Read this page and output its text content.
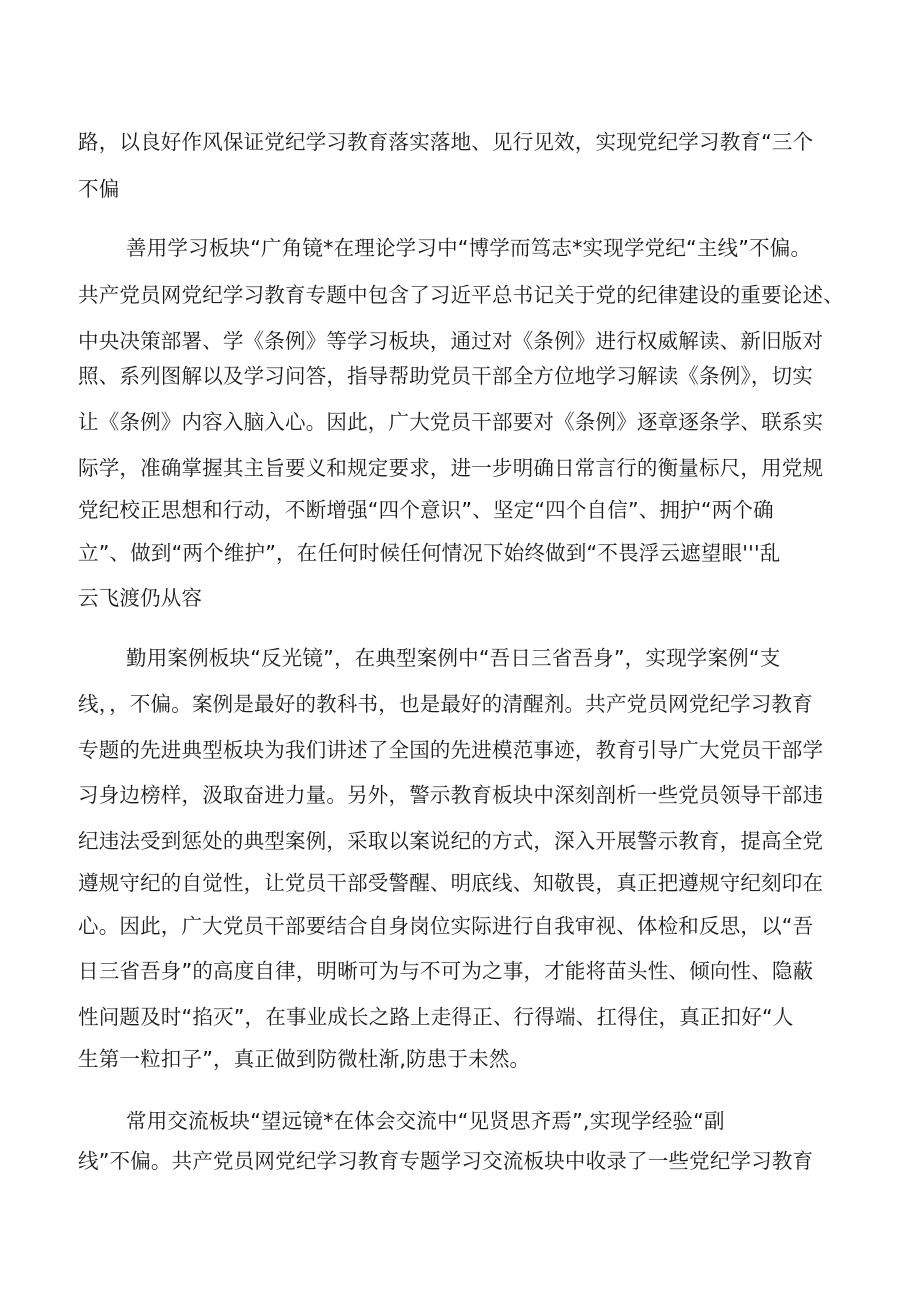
路，以良好作风保证党纪学习教育落实落地、见行见效，实现党纪学习教育“三个
不偏
善用学习板块“广角镜*在理论学习中“博学而笃志*实现学党纪“主线”不偏。
共产党员网党纪学习教育专题中包含了习近平总书记关于党的纪律建设的重要论述、
中央决策部署、学《条例》等学习板块，通过对《条例》进行权威解读、新旧版对
照、系列图解以及学习问答，指导帮助党员干部全方位地学习解读《条例》，切实
让《条例》内容入脑入心。因此，广大党员干部要对《条例》逐章逐条学、联系实
际学，准确掌握其主旨要义和规定要求，进一步明确日常言行的衡量标尺，用党规
党纪校正思想和行动，不断增强“四个意识”、坚定“四个自信”、拥护“两个确
立”、做到“两个维护”，在任何时候任何情况下始终做到“不畏浮云遮望眼'''乱
云飞渡仍从容
勤用案例板块“反光镜”，在典型案例中“吾日三省吾身”，实现学案例“支
线，，不偏。案例是最好的教科书，也是最好的清醒剂。共产党员网党纪学习教育
专题的先进典型板块为我们讲述了全国的先进模范事迹，教育引导广大党员干部学
习身边榜样，汲取奋进力量。另外，警示教育板块中深刻剖析一些党员领导干部违
纪违法受到惩处的典型案例，采取以案说纪的方式，深入开展警示教育，提高全党
遵规守纪的自觉性，让党员干部受警醒、明底线、知敬畏，真正把遵规守纪刻印在
心。因此，广大党员干部要结合自身岗位实际进行自我审视、体检和反思，以“吾
日三省吾身”的高度自律，明晰可为与不可为之事，才能将苗头性、倾向性、隐蔽
性问题及时“掐灭”，在事业成长之路上走得正、行得端、扛得住，真正扣好“人
生第一粒扣子”，真正做到防微杜渐,防患于未然。
常用交流板块“望远镜*在体会交流中“见贤思齐焉”,实现学经验“副
线”不偏。共产党员网党纪学习教育专题学习交流板块中收录了一些党纪学习教育
